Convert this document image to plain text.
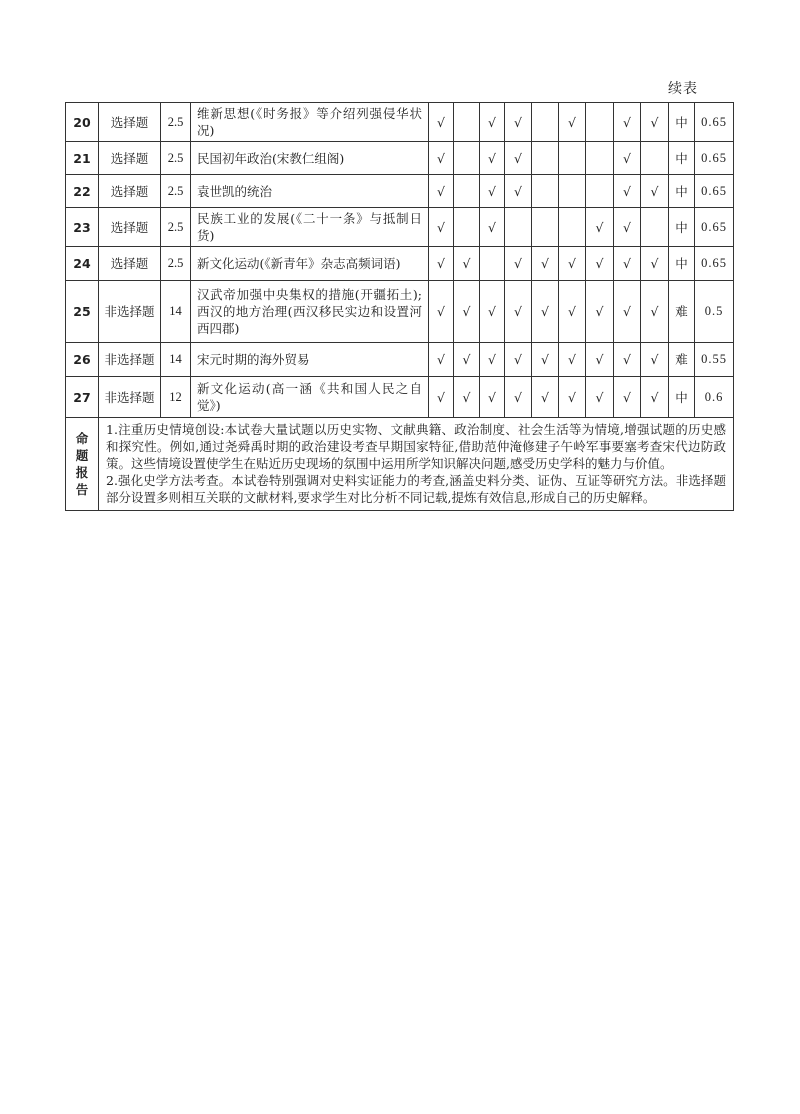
续表
20	选择题	2.5	维新思想(《时务报》等介绍列强侵华状况)	√		√	√		√		√	√	中	0.65
21	选择题	2.5	民国初年政治(宋教仁组阁)	√		√	√				√		中	0.65
22	选择题	2.5	袁世凯的统治	√		√	√				√	√	中	0.65
23	选择题	2.5	民族工业的发展(《二十一条》与抵制日货)	√		√				√	√		中	0.65
24	选择题	2.5	新文化运动(《新青年》杂志高频词语)	√	√		√	√	√	√	√	√	中	0.65
25	非选择题	14	汉武帝加强中央集权的措施(开疆拓土);西汉的地方治理(西汉移民实边和设置河西四郡)	√	√	√	√	√	√	√	√	√	难	0.5
26	非选择题	14	宋元时期的海外贸易	√	√	√	√	√	√	√	√	√	难	0.55
27	非选择题	12	新文化运动(高一涵《共和国人民之自觉》)	√	√	√	√	√	√	√	√	√	中	0.6

命题报告	1.注重历史情境创设:本试卷大量试题以历史实物、文献典籍、政治制度、社会生活等为情境,增强试题的历史感和探究性。例如,通过尧舜禹时期的政治建设考查早期国家特征,借助范仲淹修建子午岭军事要塞考查宋代边防政策。这些情境设置使学生在贴近历史现场的氛围中运用所学知识解决问题,感受历史学科的魅力与价值。

2.强化史学方法考查。本试卷特别强调对史料实证能力的考查,涵盖史料分类、证伪、互证等研究方法。非选择题部分设置多则相互关联的文献材料,要求学生对比分析不同记载,提炼有效信息,形成自己的历史解释。													
